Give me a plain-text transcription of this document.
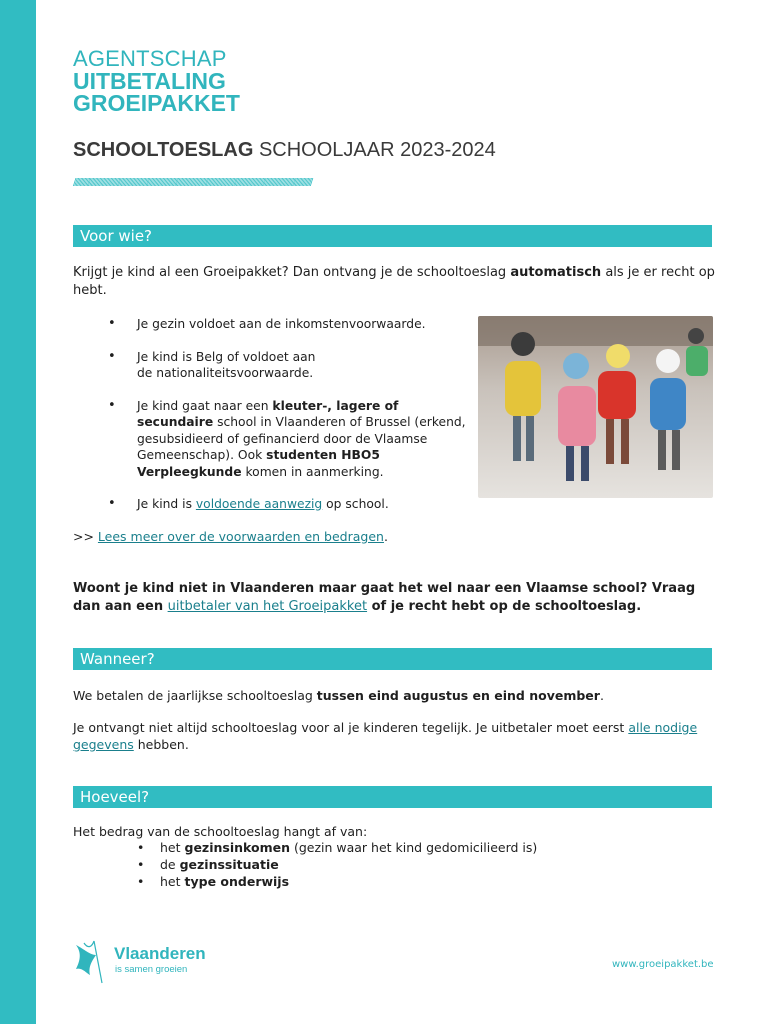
AGENTSCHAP
UITBETALING
GROEIPAKKET
SCHOOLTOESLAG SCHOOLJAAR 2023-2024
//////////////////////////////////////////////////////////////////////////////////////////////////////////////////////////////////////////////////////////////////////////////
Voor wie?

Krijgt je kind al een Groeipakket? Dan ontvang je de schooltoeslag automatisch als je er recht op hebt.

• Je gezin voldoet aan de inkomstenvoorwaarde.
• Je kind is Belg of voldoet aan
de nationaliteitsvoorwaarde.
• Je kind gaat naar een kleuter-, lagere of secundaire school in Vlaanderen of Brussel (erkend, gesubsidieerd of gefinancierd door de Vlaamse Gemeenschap). Ook studenten HBO5 Verpleegkunde komen in aanmerking.
• Je kind is voldoende aanwezig op school.

>> Lees meer over de voorwaarden en bedragen.

Woont je kind niet in Vlaanderen maar gaat het wel naar een Vlaamse school? Vraag dan aan een uitbetaler van het Groeipakket of je recht hebt op de schooltoeslag.

Wanneer?

We betalen de jaarlijkse schooltoeslag tussen eind augustus en eind november.

Je ontvangt niet altijd schooltoeslag voor al je kinderen tegelijk. Je uitbetaler moet eerst alle nodige gegevens hebben.

Hoeveel?

Het bedrag van de schooltoeslag hangt af van:

• het gezinsinkomen (gezin waar het kind gedomicilieerd is)
• de gezinssituatie
• het type onderwijs
Vlaanderen
is samen groeien	www.groeipakket.be
